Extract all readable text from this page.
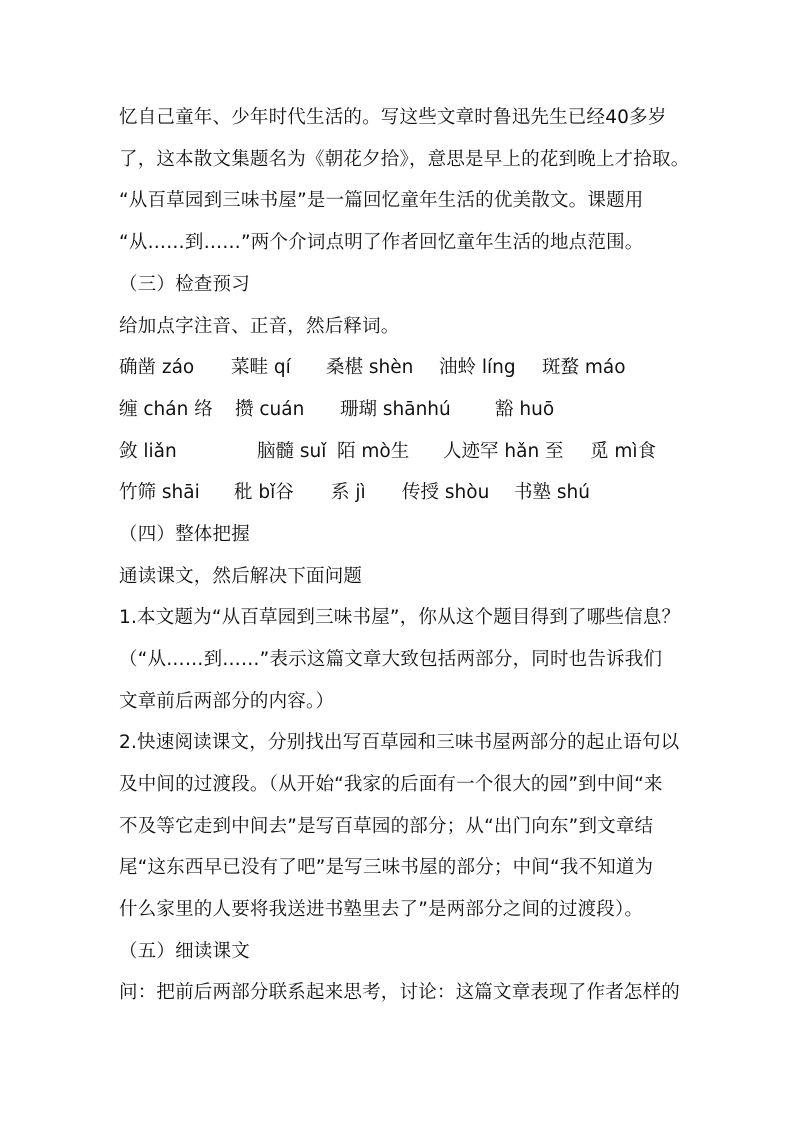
忆自己童年、少年时代生活的。写这些文章时鲁迅先生已经40多岁
了，这本散文集题名为《朝花夕拾》，意思是早上的花到晚上才拾取。
“从百草园到三味书屋”是一篇回忆童年生活的优美散文。课题用
“从……到……”两个介词点明了作者回忆童年生活的地点范围。
（三）检查预习
给加点字注音、正音，然后释词。
确凿 záo 菜畦 qí 桑椹 shèn 油蛉 líng 斑蝥 máo
缠 chán 络 攒 cuán 珊瑚 shānhú 豁 huō
敛 liǎn	脑髓 suǐ 陌 mò生 人迹罕 hǎn 至 觅 mì食
竹筛 shāi 秕 bǐ谷 系 jì 传授 shòu 书塾 shú
（四）整体把握
通读课文，然后解决下面问题
1.本文题为“从百草园到三味书屋”，你从这个题目得到了哪些信息？
（“从……到……”表示这篇文章大致包括两部分，同时也告诉我们
文章前后两部分的内容。）
2.快速阅读课文，分别找出写百草园和三味书屋两部分的起止语句以
及中间的过渡段。（从开始“我家的后面有一个很大的园”到中间“来
不及等它走到中间去”是写百草园的部分；从“出门向东”到文章结
尾“这东西早已没有了吧”是写三味书屋的部分；中间“我不知道为
什么家里的人要将我送进书塾里去了”是两部分之间的过渡段）。
（五）细读课文
问：把前后两部分联系起来思考，讨论：这篇文章表现了作者怎样的
